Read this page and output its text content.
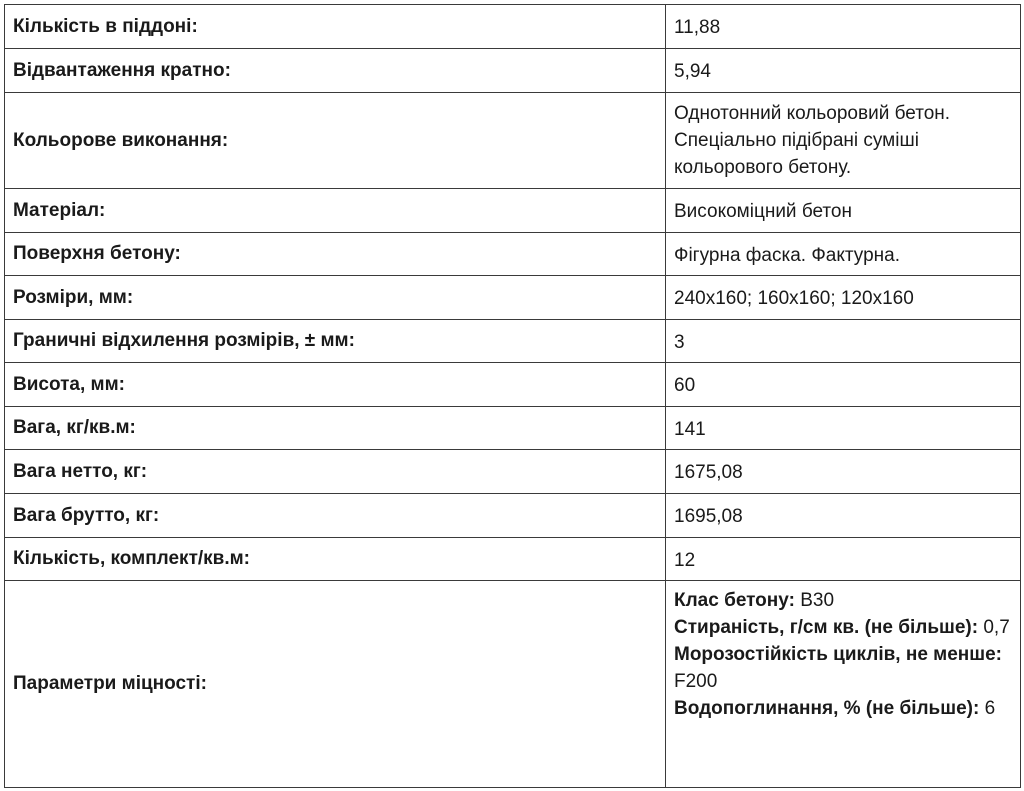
Кількість в піддоні:	11,88
Відвантаження кратно:	5,94
Кольорове виконання:	Однотонний кольоровий бетон. Спеціально підібрані суміші кольорового бетону.
Матеріал:	Високоміцний бетон
Поверхня бетону:	Фігурна фаска. Фактурна.
Розміри, мм:	240х160; 160х160; 120х160
Граничні відхилення розмірів, ± мм:	3
Висота, мм:	60
Вага, кг/кв.м:	141
Вага нетто, кг:	1675,08
Вага брутто, кг:	1695,08
Кількість, комплект/кв.м:	12
Параметри міцності:	Клас бетону: В30
Стираність, г/см кв. (не більше): 0,7
Морозостійкість циклів, не менше: F200
Водопоглинання, % (не більше): 6
